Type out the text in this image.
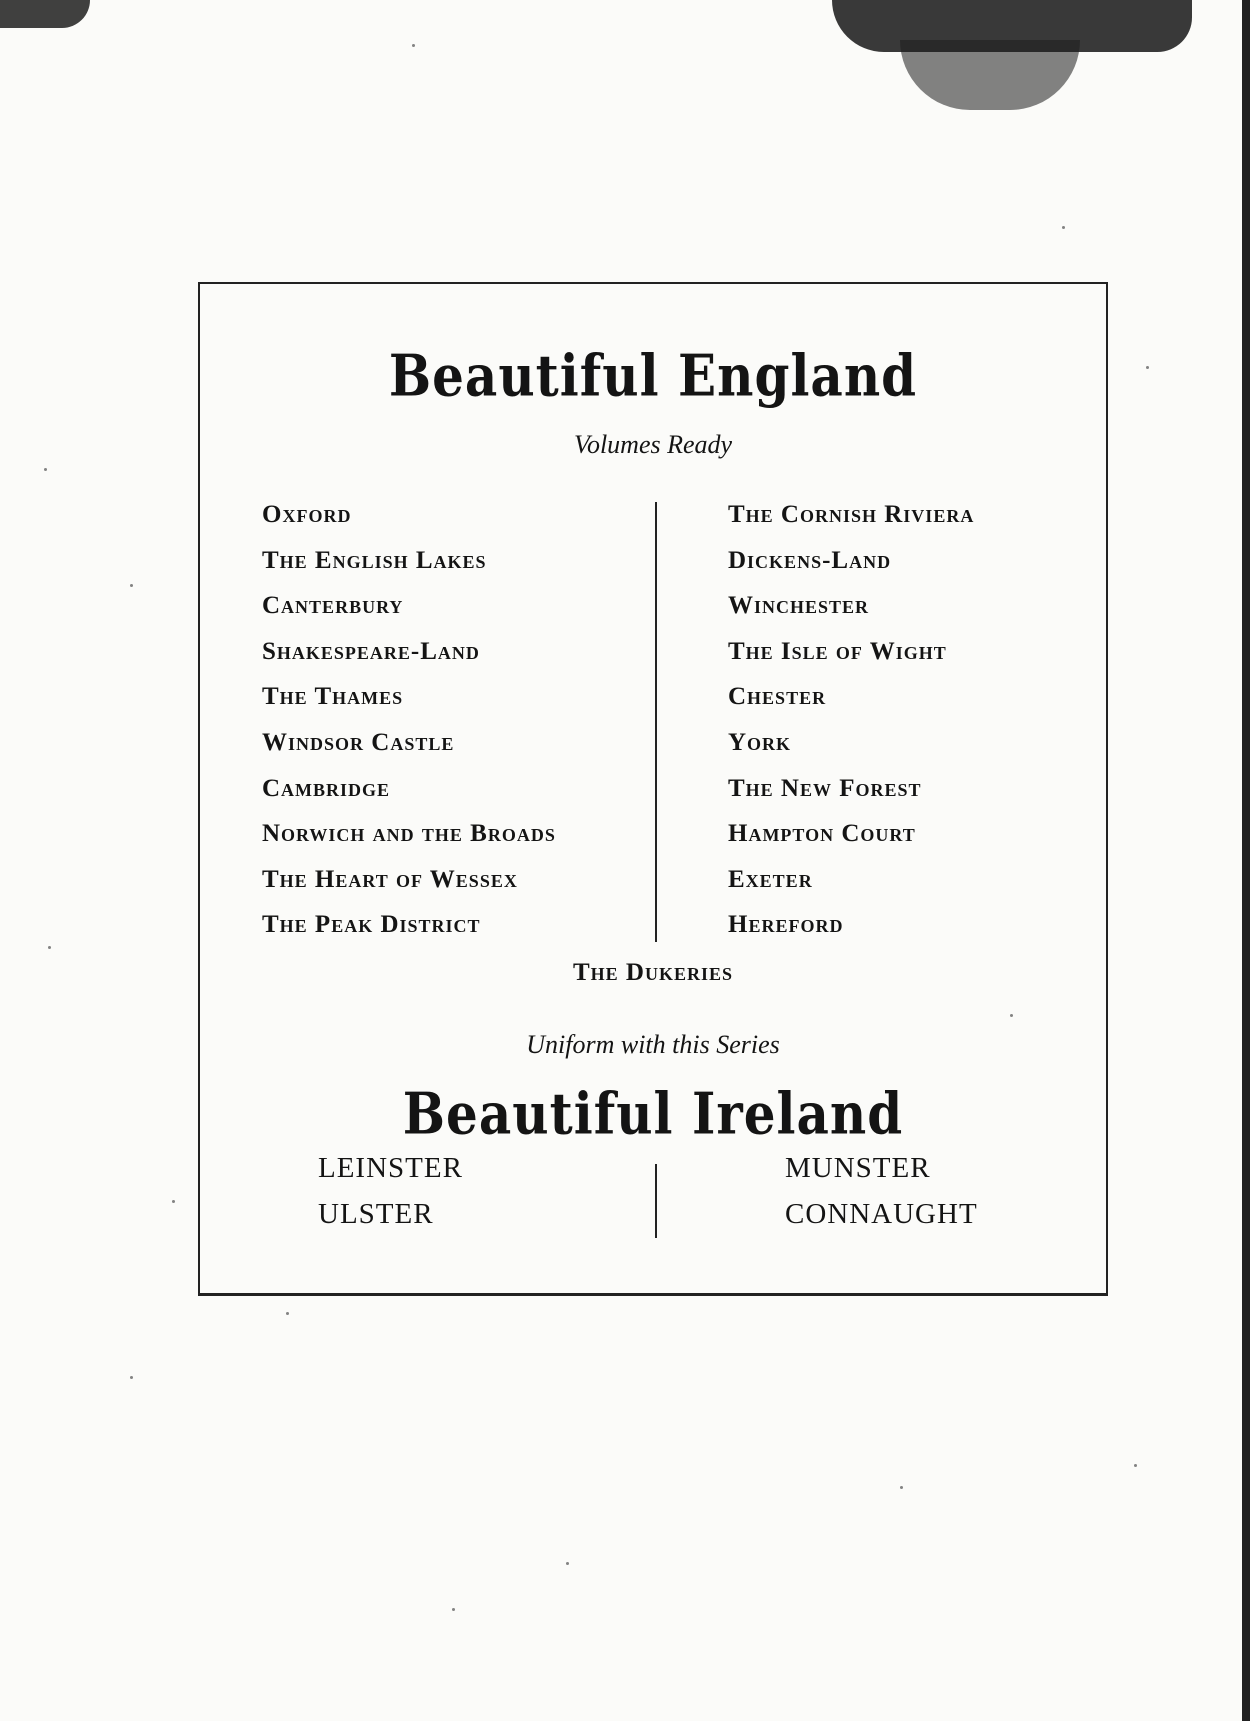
Beautiful England
Volumes Ready
Oxford
The English Lakes
Canterbury
Shakespeare-Land
The Thames
Windsor Castle
Cambridge
Norwich and the Broads
The Heart of Wessex
The Peak District
The Cornish Riviera
Dickens-Land
Winchester
The Isle of Wight
Chester
York
The New Forest
Hampton Court
Exeter
Hereford
The Dukeries
Uniform with this Series
Beautiful Ireland
LEINSTER
ULSTER
MUNSTER
CONNAUGHT
